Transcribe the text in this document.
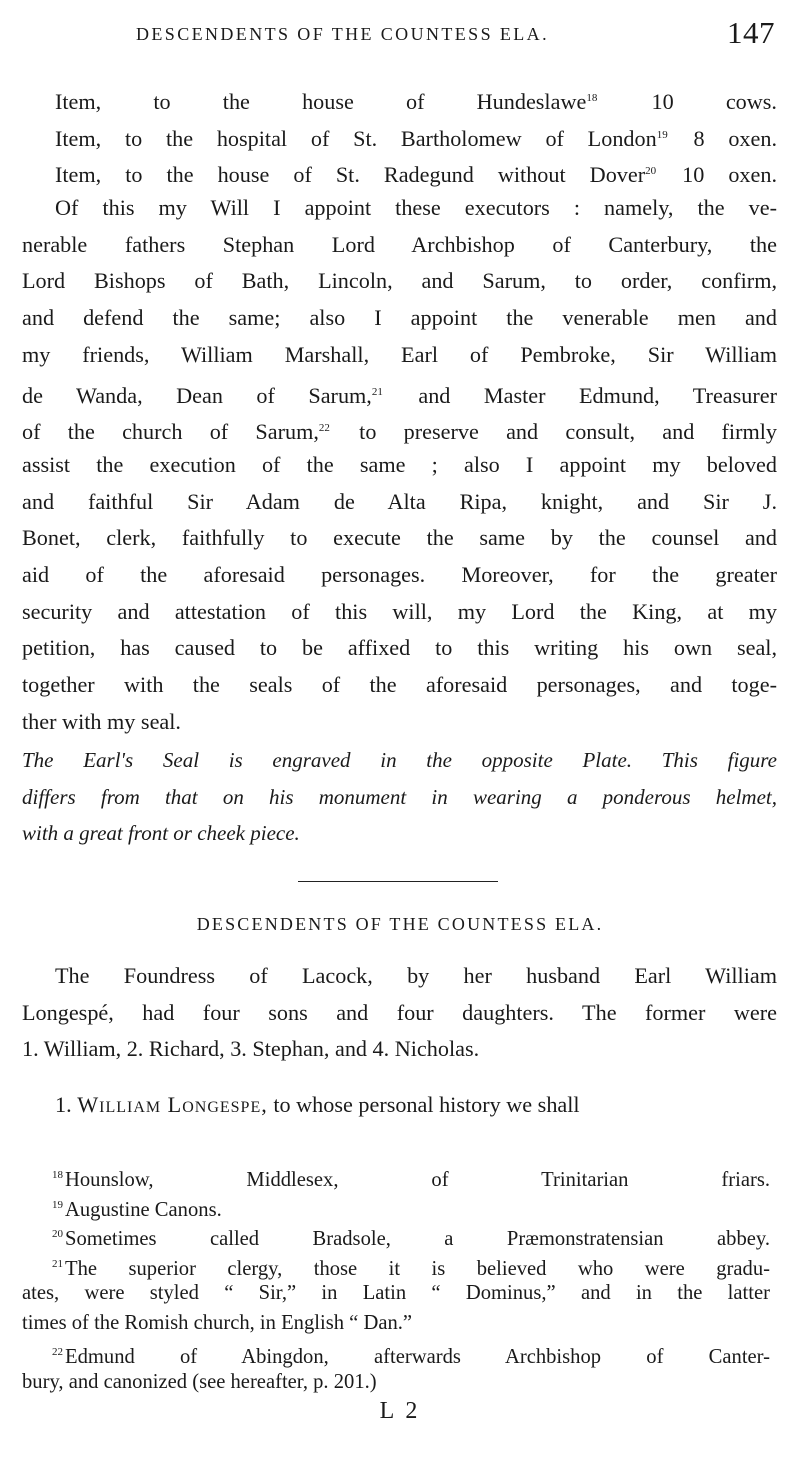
DESCENDENTS OF THE COUNTESS ELA.	147
Item, to the house of Hundeslawe$^{18}$ 10 cows.
Item, to the hospital of St. Bartholomew of London$^{19}$ 8 oxen.
Item, to the house of St. Radegund without Dover$^{20}$ 10 oxen.
Of this my Will I appoint these executors : namely, the ve-
nerable fathers Stephan Lord Archbishop of Canterbury, the
Lord Bishops of Bath, Lincoln, and Sarum, to order, confirm,
and defend the same; also I appoint the venerable men and
my friends, William Marshall, Earl of Pembroke, Sir William
de Wanda, Dean of Sarum,$^{21}$ and Master Edmund, Treasurer
of the church of Sarum,$^{22}$ to preserve and consult, and firmly
assist the execution of the same ; also I appoint my beloved
and faithful Sir Adam de Alta Ripa, knight, and Sir J.
Bonet, clerk, faithfully to execute the same by the counsel and
aid of the aforesaid personages. Moreover, for the greater
security and attestation of this will, my Lord the King, at my
petition, has caused to be affixed to this writing his own seal,
together with the seals of the aforesaid personages, and toge-
ther with my seal.
The Earl's Seal is engraved in the opposite Plate. This figure
differs from that on his monument in wearing a ponderous helmet,
with a great front or cheek piece.
DESCENDENTS OF THE COUNTESS ELA.
The Foundress of Lacock, by her husband Earl William
Longespé, had four sons and four daughters. The former were
1. William, 2. Richard, 3. Stephan, and 4. Nicholas.
1. William Longespe, to whose personal history we shall
$^{18}$Hounslow, Middlesex, of Trinitarian friars.
$^{19}$Augustine Canons.
$^{20}$Sometimes called Bradsole, a Præmonstratensian abbey.
$^{21}$The superior clergy, those it is believed who were gradu-
ates, were styled “ Sir,” in Latin “ Dominus,” and in the latter
times of the Romish church, in English “ Dan.”
$^{22}$Edmund of Abingdon, afterwards Archbishop of Canter-
bury, and canonized (see hereafter, p. 201.)
L 2
